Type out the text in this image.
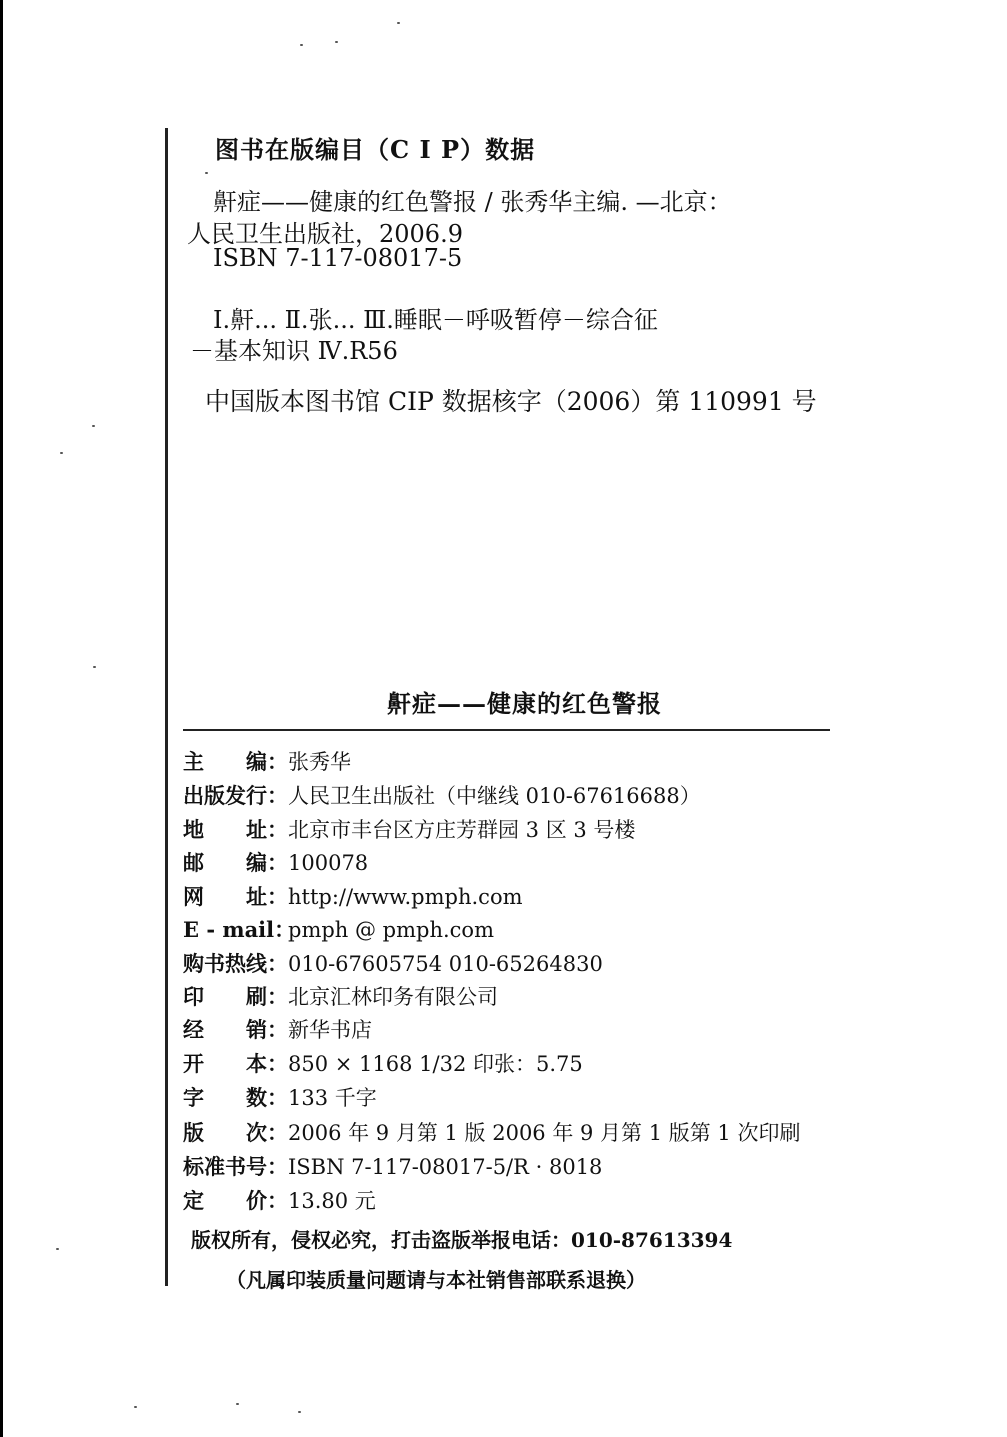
图书在版编目（C I P）数据
鼾症——健康的红色警报 / 张秀华主编. —北京：
人民卫生出版社，2006.9
ISBN 7-117-08017-5
Ⅰ.鼾... Ⅱ.张... Ⅲ.睡眠－呼吸暂停－综合征
－基本知识 Ⅳ.R56
中国版本图书馆 CIP 数据核字（2006）第 110991 号
鼾症——健康的红色警报
主　　编：张秀华
出版发行：人民卫生出版社（中继线 010-67616688）
地　　址：北京市丰台区方庄芳群园 3 区 3 号楼
邮　　编：100078
网　　址：http://www.pmph.com
E - mail：pmph @ pmph.com
购书热线：010-67605754 010-65264830
印　　刷：北京汇林印务有限公司
经　　销：新华书店
开　　本：850 × 1168 1/32 印张：5.75
字　　数：133 千字
版　　次：2006 年 9 月第 1 版 2006 年 9 月第 1 版第 1 次印刷
标准书号：ISBN 7-117-08017-5/R · 8018
定　　价：13.80 元
版权所有，侵权必究，打击盗版举报电话：010-87613394
（凡属印装质量问题请与本社销售部联系退换）
